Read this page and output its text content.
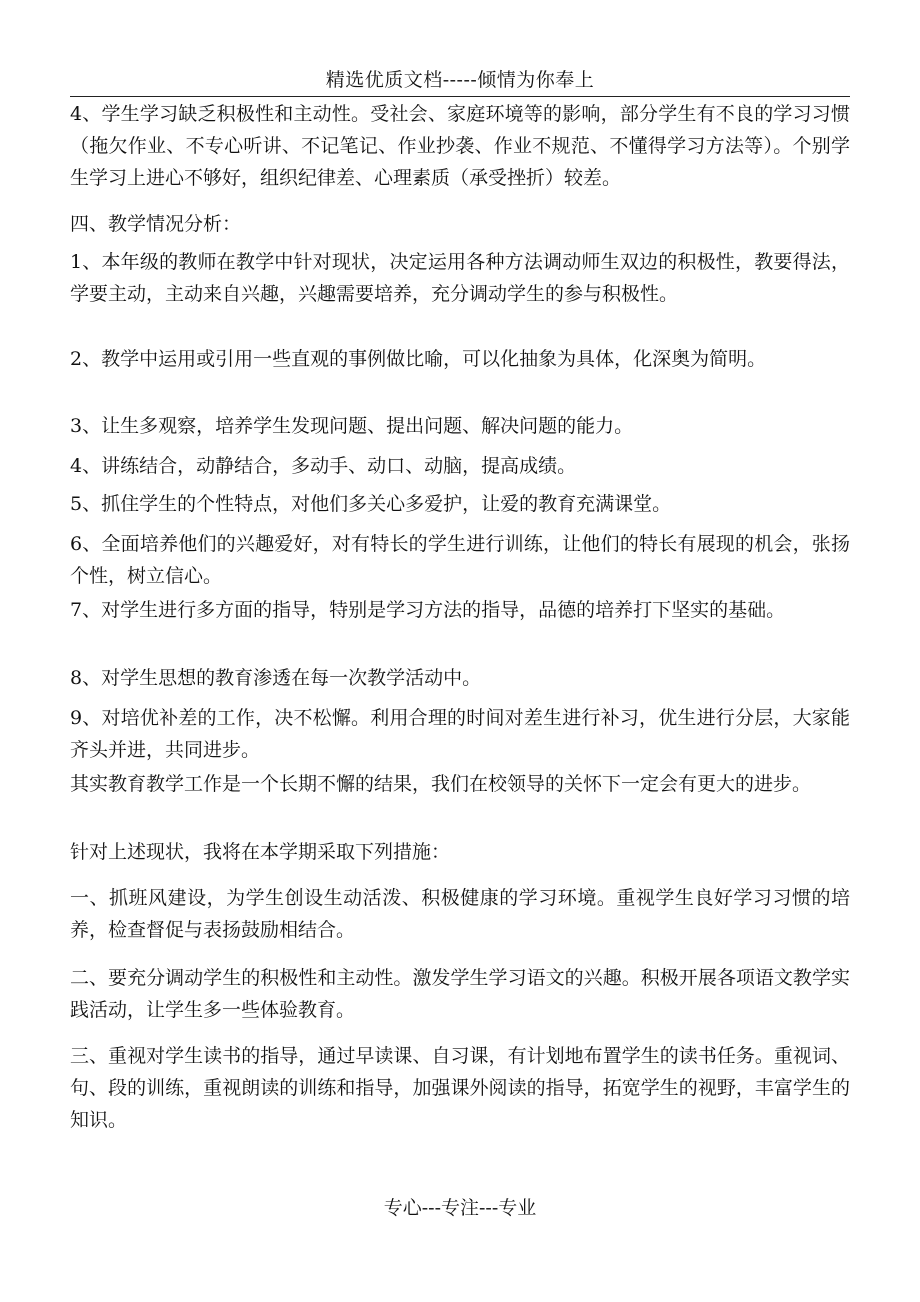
精选优质文档-----倾情为你奉上

4、学生学习缺乏积极性和主动性。受社会、家庭环境等的影响，部分学生有不良的学习习惯（拖欠作业、不专心听讲、不记笔记、作业抄袭、作业不规范、不懂得学习方法等）。个别学生学习上进心不够好，组织纪律差、心理素质（承受挫折）较差。

四、教学情况分析：

1、本年级的教师在教学中针对现状，决定运用各种方法调动师生双边的积极性，教要得法，学要主动，主动来自兴趣，兴趣需要培养，充分调动学生的参与积极性。

2、教学中运用或引用一些直观的事例做比喻，可以化抽象为具体，化深奥为简明。

3、让生多观察，培养学生发现问题、提出问题、解决问题的能力。

4、讲练结合，动静结合，多动手、动口、动脑，提高成绩。

5、抓住学生的个性特点，对他们多关心多爱护，让爱的教育充满课堂。

6、全面培养他们的兴趣爱好，对有特长的学生进行训练，让他们的特长有展现的机会，张扬个性，树立信心。

7、对学生进行多方面的指导，特别是学习方法的指导，品德的培养打下坚实的基础。

8、对学生思想的教育渗透在每一次教学活动中。

9、对培优补差的工作，决不松懈。利用合理的时间对差生进行补习，优生进行分层，大家能齐头并进，共同进步。

其实教育教学工作是一个长期不懈的结果，我们在校领导的关怀下一定会有更大的进步。

针对上述现状，我将在本学期采取下列措施：

一、抓班风建设，为学生创设生动活泼、积极健康的学习环境。重视学生良好学习习惯的培养，检查督促与表扬鼓励相结合。

二、要充分调动学生的积极性和主动性。激发学生学习语文的兴趣。积极开展各项语文教学实践活动，让学生多一些体验教育。

三、重视对学生读书的指导，通过早读课、自习课，有计划地布置学生的读书任务。重视词、句、段的训练，重视朗读的训练和指导，加强课外阅读的指导，拓宽学生的视野，丰富学生的知识。

专心---专注---专业
